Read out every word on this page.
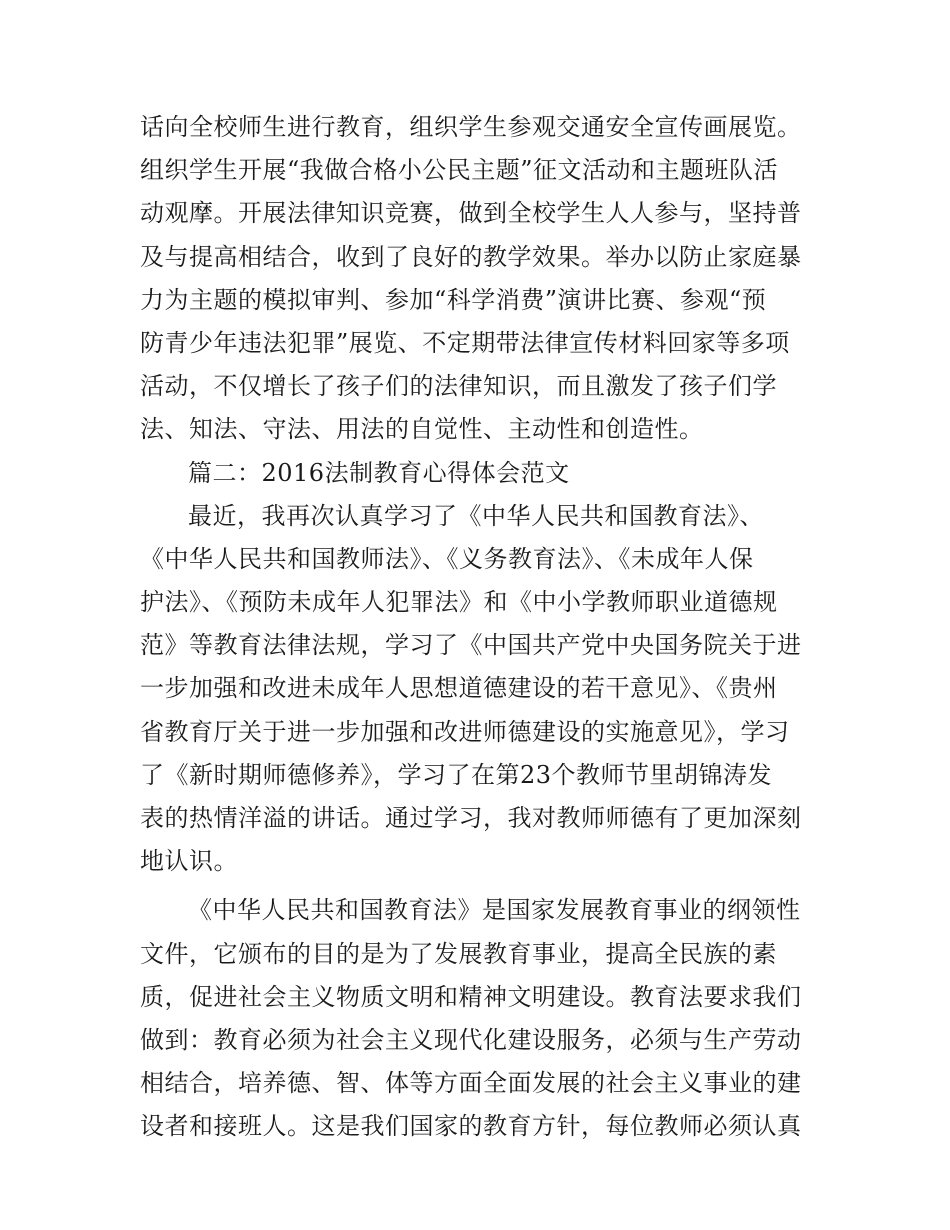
话向全校师生进行教育，组织学生参观交通安全宣传画展览。
组织学生开展“我做合格小公民主题”征文活动和主题班队活
动观摩。开展法律知识竞赛，做到全校学生人人参与，坚持普
及与提高相结合，收到了良好的教学效果。举办以防止家庭暴
力为主题的模拟审判、参加“科学消费”演讲比赛、参观“预
防青少年违法犯罪”展览、不定期带法律宣传材料回家等多项
活动，不仅增长了孩子们的法律知识，而且激发了孩子们学
法、知法、守法、用法的自觉性、主动性和创造性。
篇二：2016法制教育心得体会范文
最近，我再次认真学习了《中华人民共和国教育法》、
《中华人民共和国教师法》、《义务教育法》、《未成年人保
护法》、《预防未成年人犯罪法》和《中小学教师职业道德规
范》等教育法律法规，学习了《中国共产党中央国务院关于进
一步加强和改进未成年人思想道德建设的若干意见》、《贵州
省教育厅关于进一步加强和改进师德建设的实施意见》，学习
了《新时期师德修养》，学习了在第23个教师节里胡锦涛发
表的热情洋溢的讲话。通过学习，我对教师师德有了更加深刻
地认识。
《中华人民共和国教育法》是国家发展教育事业的纲领性
文件，它颁布的目的是为了发展教育事业，提高全民族的素
质，促进社会主义物质文明和精神文明建设。教育法要求我们
做到：教育必须为社会主义现代化建设服务，必须与生产劳动
相结合，培养德、智、体等方面全面发展的社会主义事业的建
设者和接班人。这是我们国家的教育方针，每位教师必须认真
